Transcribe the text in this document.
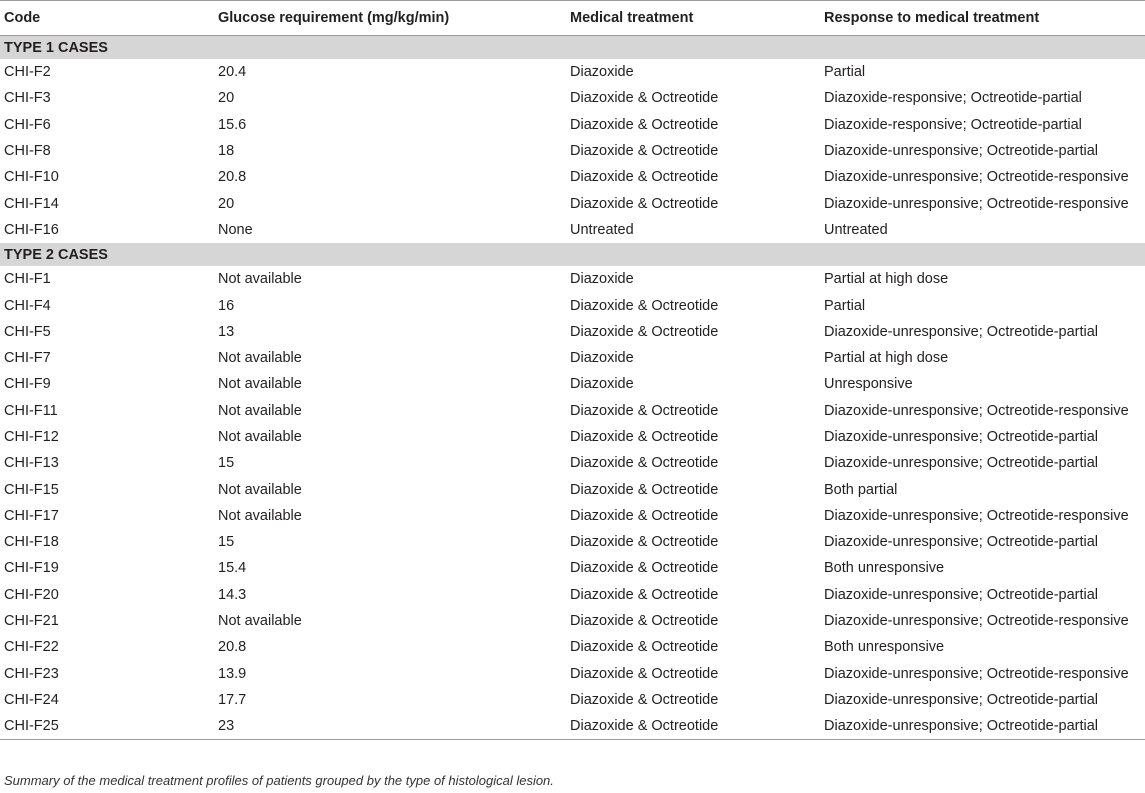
Code	Glucose requirement (mg/kg/min)	Medical treatment	Response to medical treatment
TYPE 1 CASES			
CHI-F2	20.4	Diazoxide	Partial
CHI-F3	20	Diazoxide & Octreotide	Diazoxide-responsive; Octreotide-partial
CHI-F6	15.6	Diazoxide & Octreotide	Diazoxide-responsive; Octreotide-partial
CHI-F8	18	Diazoxide & Octreotide	Diazoxide-unresponsive; Octreotide-partial
CHI-F10	20.8	Diazoxide & Octreotide	Diazoxide-unresponsive; Octreotide-responsive
CHI-F14	20	Diazoxide & Octreotide	Diazoxide-unresponsive; Octreotide-responsive
CHI-F16	None	Untreated	Untreated
TYPE 2 CASES			
CHI-F1	Not available	Diazoxide	Partial at high dose
CHI-F4	16	Diazoxide & Octreotide	Partial
CHI-F5	13	Diazoxide & Octreotide	Diazoxide-unresponsive; Octreotide-partial
CHI-F7	Not available	Diazoxide	Partial at high dose
CHI-F9	Not available	Diazoxide	Unresponsive
CHI-F11	Not available	Diazoxide & Octreotide	Diazoxide-unresponsive; Octreotide-responsive
CHI-F12	Not available	Diazoxide & Octreotide	Diazoxide-unresponsive; Octreotide-partial
CHI-F13	15	Diazoxide & Octreotide	Diazoxide-unresponsive; Octreotide-partial
CHI-F15	Not available	Diazoxide & Octreotide	Both partial
CHI-F17	Not available	Diazoxide & Octreotide	Diazoxide-unresponsive; Octreotide-responsive
CHI-F18	15	Diazoxide & Octreotide	Diazoxide-unresponsive; Octreotide-partial
CHI-F19	15.4	Diazoxide & Octreotide	Both unresponsive
CHI-F20	14.3	Diazoxide & Octreotide	Diazoxide-unresponsive; Octreotide-partial
CHI-F21	Not available	Diazoxide & Octreotide	Diazoxide-unresponsive; Octreotide-responsive
CHI-F22	20.8	Diazoxide & Octreotide	Both unresponsive
CHI-F23	13.9	Diazoxide & Octreotide	Diazoxide-unresponsive; Octreotide-responsive
CHI-F24	17.7	Diazoxide & Octreotide	Diazoxide-unresponsive; Octreotide-partial
CHI-F25	23	Diazoxide & Octreotide	Diazoxide-unresponsive; Octreotide-partial
Summary of the medical treatment profiles of patients grouped by the type of histological lesion.
